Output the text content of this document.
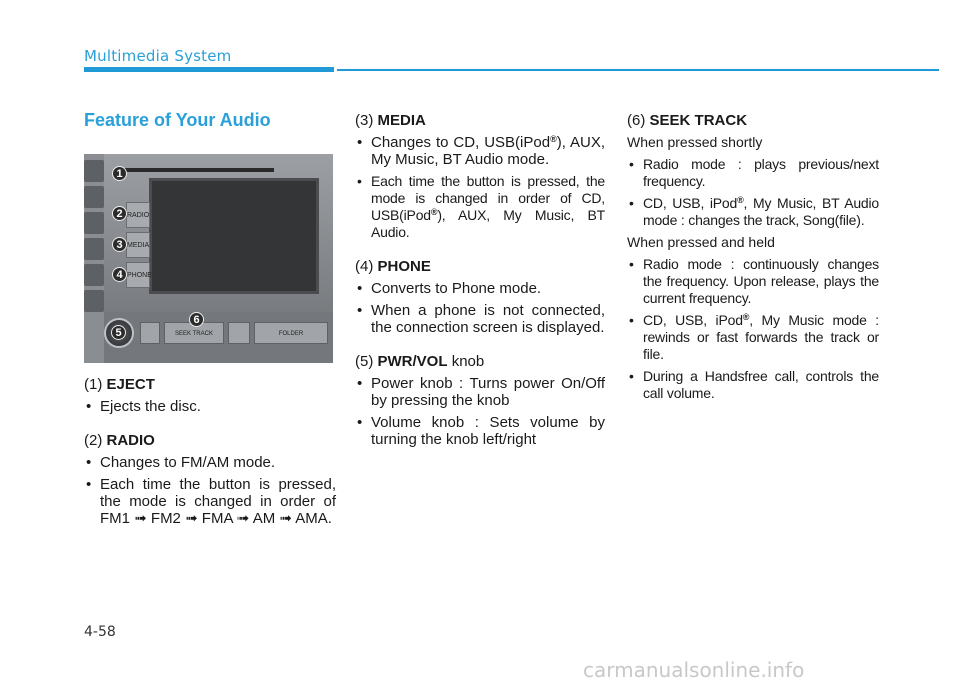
Multimedia System
Feature of Your Audio
RADIO
MEDIA
PHONE
SEEK TRACK	FOLDER
1
2
3
4
5
6
(1) EJECT
• Ejects the disc.
(2) RADIO
• Changes to FM/AM mode.
• Each time the button is pressed, the mode is changed in order of FM1 ➟ FM2 ➟ FMA ➟ AM ➟ AMA.
(3) MEDIA
• Changes to CD, USB(iPod®), AUX, My Music, BT Audio mode.
• Each time the button is pressed, the mode is changed in order of CD, USB(iPod®), AUX, My Music, BT Audio.
(4) PHONE
• Converts to Phone mode.
• When a phone is not connected, the connection screen is displayed.
(5) PWR/VOL knob
• Power knob : Turns power On/Off by pressing the knob
• Volume knob : Sets volume by turning the knob left/right
(6) SEEK TRACK
When pressed shortly
• Radio mode : plays previous/next frequency.
• CD, USB, iPod®, My Music, BT Audio mode : changes the track, Song(file).
When pressed and held
• Radio mode : continuously changes the frequency. Upon release, plays the current frequency.
• CD, USB, iPod®, My Music mode : rewinds or fast forwards the track or file.
• During a Handsfree call, controls the call volume.
4-58
carmanualsonline.info
